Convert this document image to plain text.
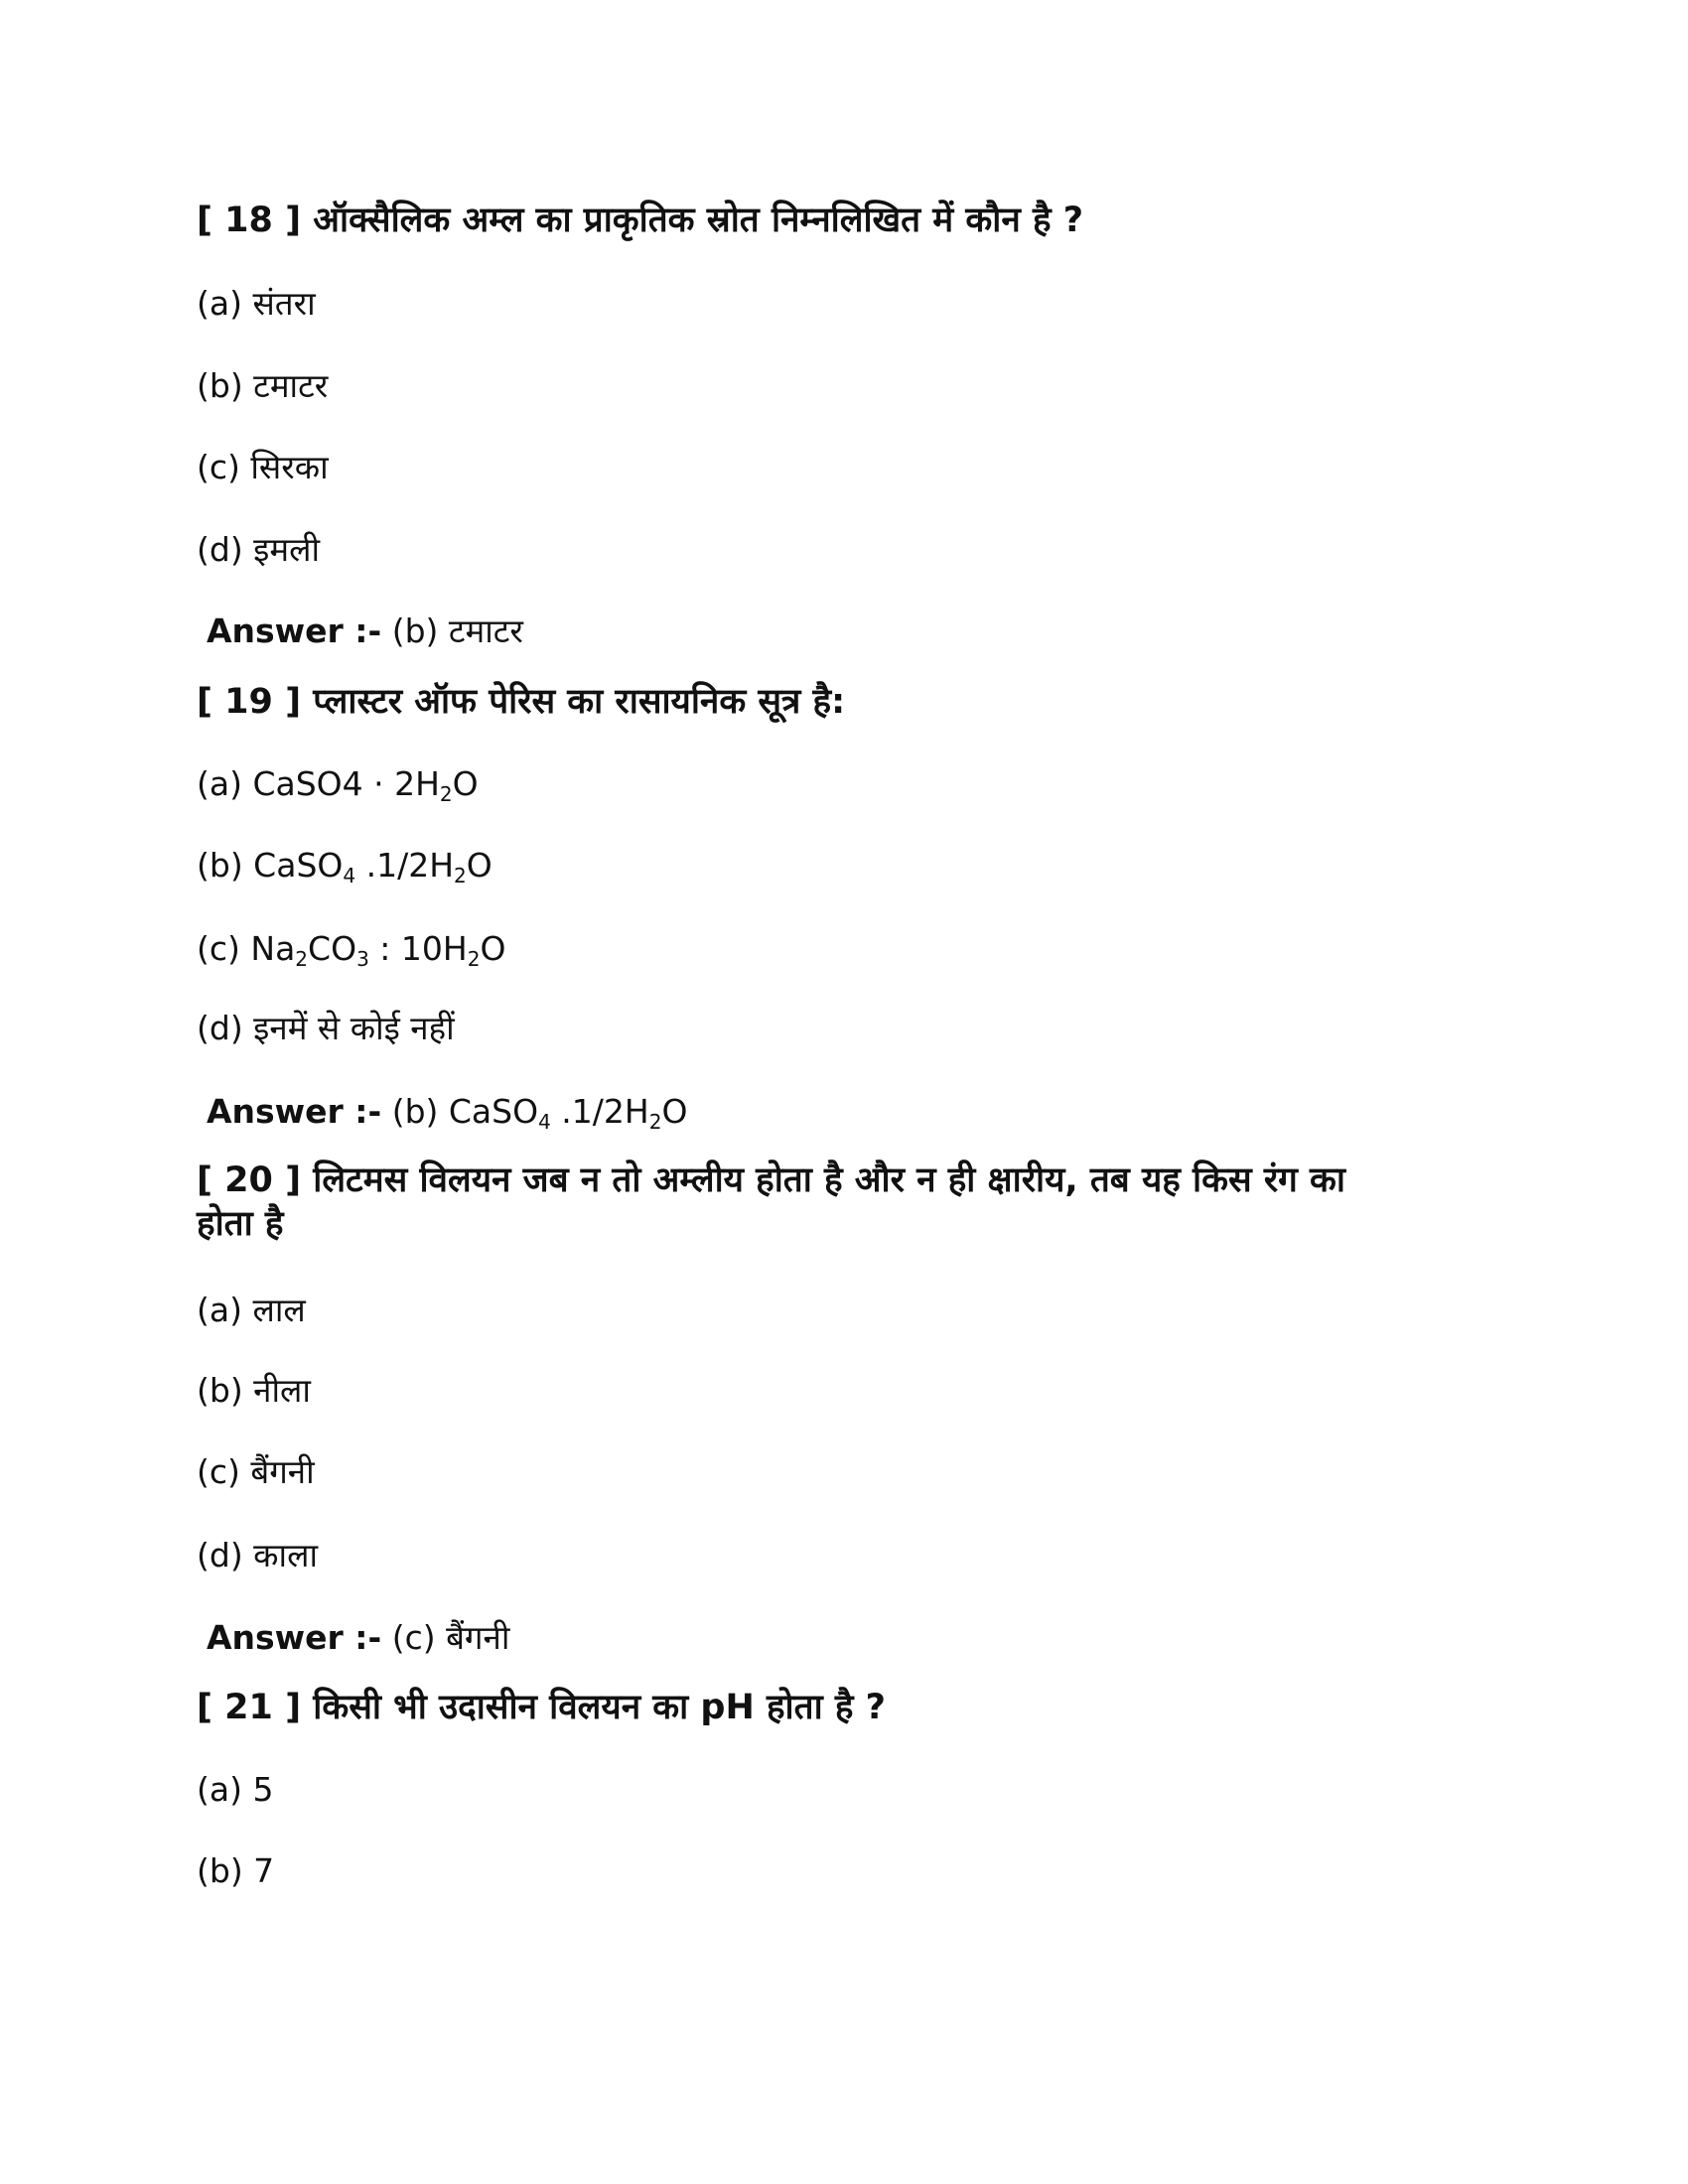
[ 18 ] ऑक्सैलिक अम्ल का प्राकृतिक स्रोत निम्नलिखित में कौन है ?
(a) संतरा
(b) टमाटर
(c) सिरका
(d) इमली
Answer :- (b) टमाटर
[ 19 ] प्लास्टर ऑफ पेरिस का रासायनिक सूत्र है:
(a) CaSO4 · $2H_2O$
(b) CaSO$_4$ $.1/2H_2O$
(c) $Na_2CO_3$ : $10H_2O$
(d) इनमें से कोई नहीं
Answer :- (b) CaSO$_4$ $.1/2H_2O$
[ 20 ] लिटमस विलयन जब न तो अम्लीय होता है और न ही क्षारीय, तब यह किस रंग का
होता है
(a) लाल
(b) नीला
(c) बैंगनी
(d) काला
Answer :- (c) बैंगनी
[ 21 ] किसी भी उदासीन विलयन का pH होता है ?
(a) 5
(b) 7
